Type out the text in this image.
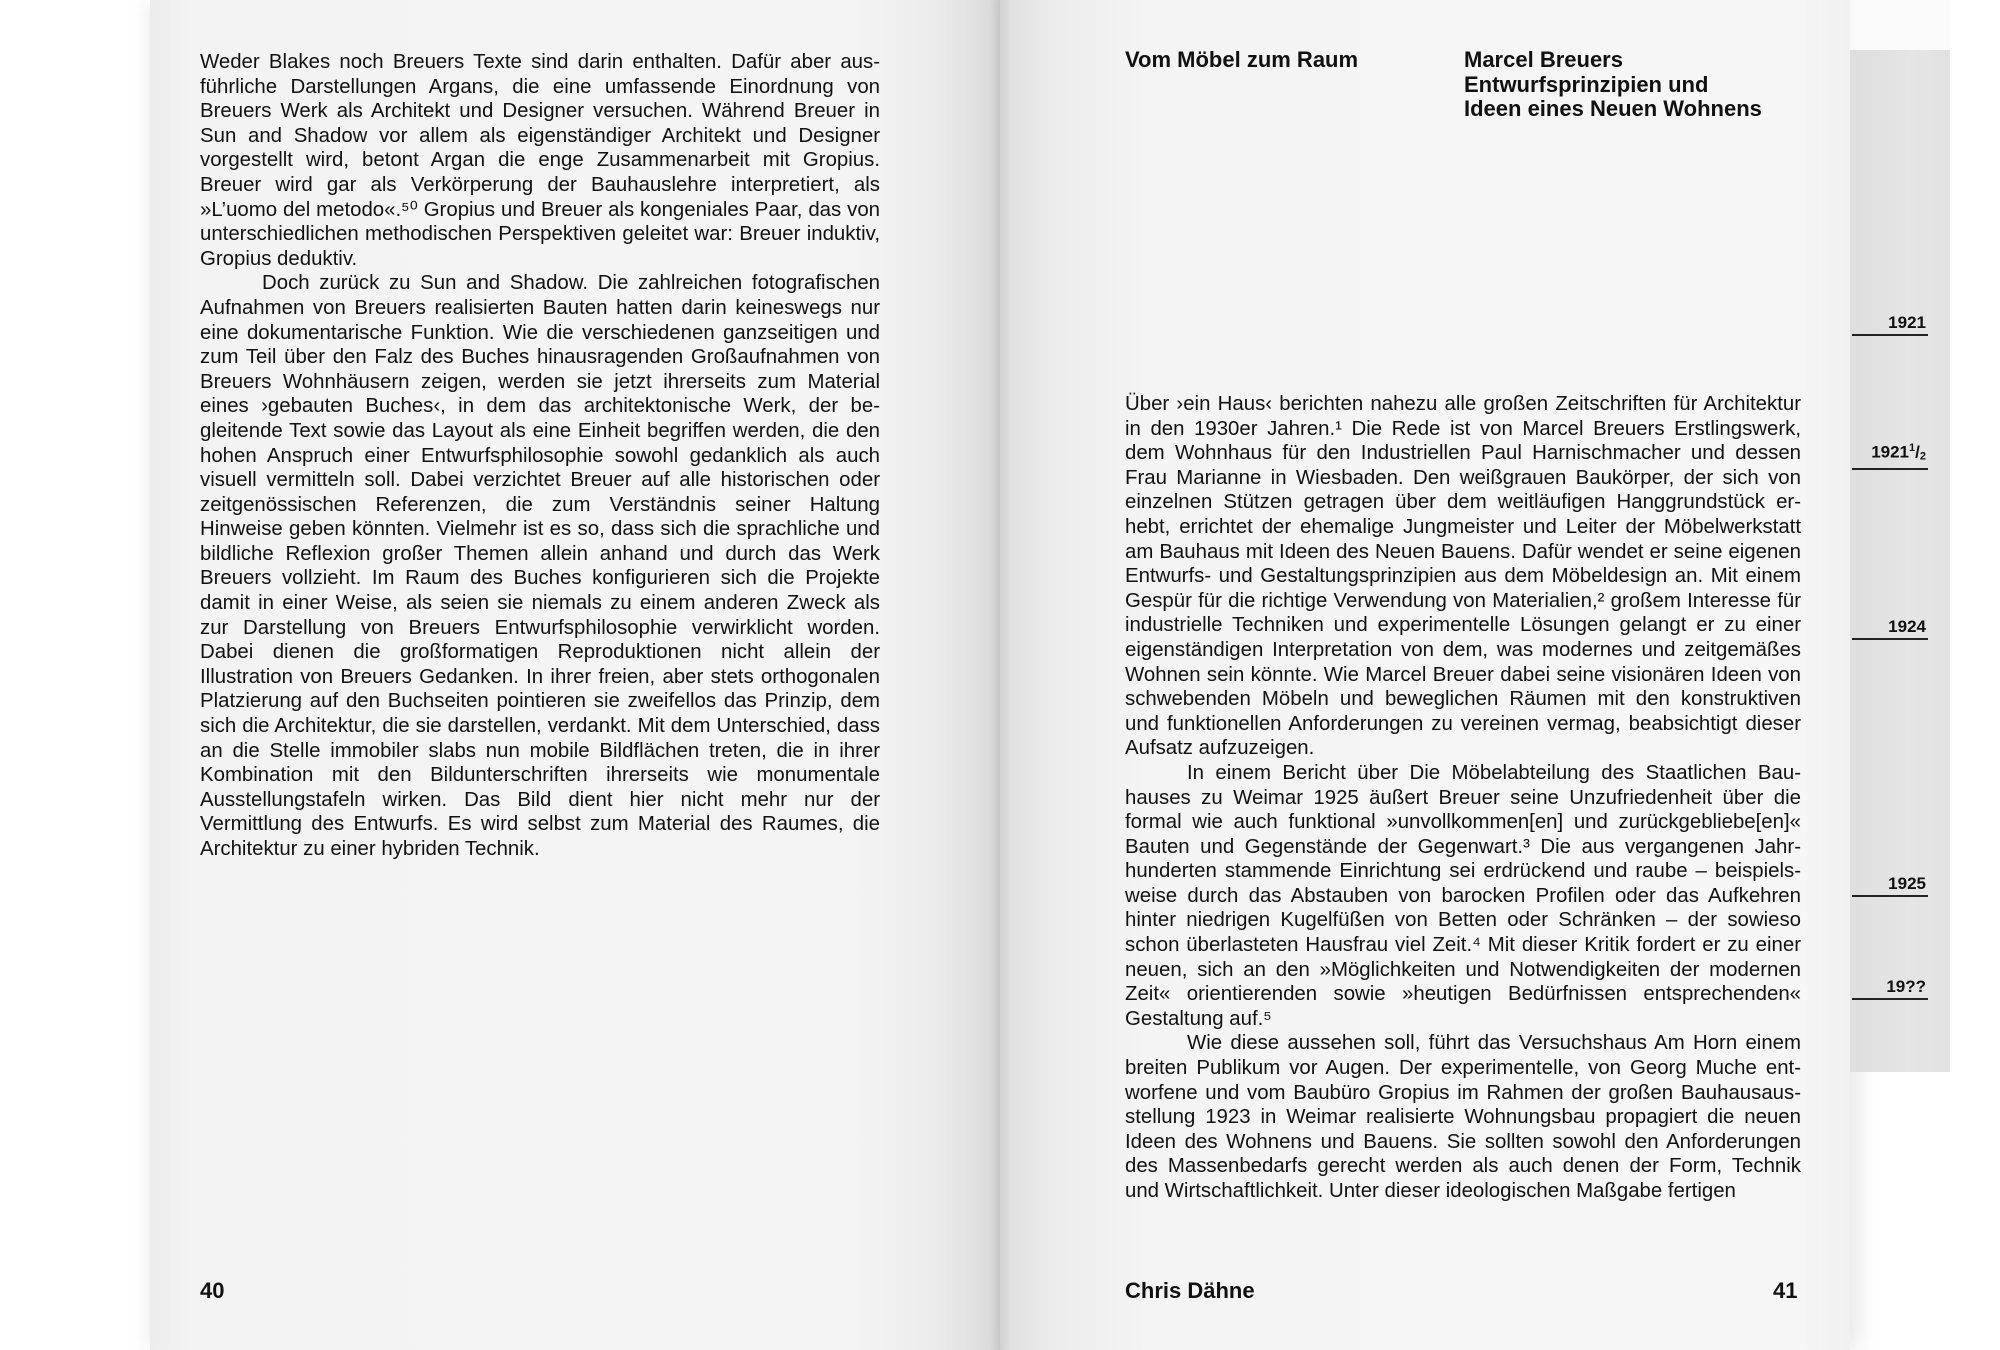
Weder Blakes noch Breuers Texte sind darin enthalten. Dafür aber ausführliche Darstellungen Argans, die eine umfassende Einordnung von Breuers Werk als Architekt und Designer versuchen. Während Breuer in Sun and Shadow vor allem als eigenständiger Architekt und Designer vorgestellt wird, betont Argan die enge Zusammenarbeit mit Gropius. Breuer wird gar als Verkörperung der Bauhauslehre interpretiert, als »L’uomo del metodo«.⁵⁰ Gropius und Breuer als kongeniales Paar, das von unterschiedlichen methodischen Perspektiven geleitet war: Breuer induktiv, Gropius deduktiv.

Doch zurück zu Sun and Shadow. Die zahlreichen fotografischen Aufnahmen von Breuers realisierten Bauten hatten darin keineswegs nur eine dokumentarische Funktion. Wie die verschiedenen ganzseitigen und zum Teil über den Falz des Buches hinausragenden Großaufnahmen von Breuers Wohnhäusern zeigen, werden sie jetzt ihrerseits zum Material eines ›gebauten Buches‹, in dem das architektonische Werk, der begleitende Text sowie das Layout als eine Einheit begriffen werden, die den hohen Anspruch einer Entwurfsphilosophie sowohl gedanklich als auch visuell vermitteln soll. Dabei verzichtet Breuer auf alle historischen oder zeitgenössischen Referenzen, die zum Verständnis seiner Haltung Hinweise geben könnten. Vielmehr ist es so, dass sich die sprachliche und bildliche Reflexion großer Themen allein anhand und durch das Werk Breuers vollzieht. Im Raum des Buches konfigurieren sich die Projekte damit in einer Weise, als seien sie niemals zu einem anderen Zweck als zur Darstellung von Breuers Entwurfsphilosophie verwirklicht worden. Dabei dienen die großformatigen Reproduktionen nicht allein der Illustration von Breuers Gedanken. In ihrer freien, aber stets orthogonalen Platzierung auf den Buchseiten pointieren sie zweifellos das Prinzip, dem sich die Architektur, die sie darstellen, verdankt. Mit dem Unterschied, dass an die Stelle immobiler slabs nun mobile Bildflächen treten, die in ihrer Kombination mit den Bildunterschriften ihrerseits wie monumentale Ausstellungstafeln wirken. Das Bild dient hier nicht mehr nur der Vermittlung des Entwurfs. Es wird selbst zum Material des Raumes, die Architektur zu einer hybriden Technik.

Vom Möbel zum Raum	Marcel Breuers Entwurfsprinzipien und Ideen eines Neuen Wohnens

Über ›ein Haus‹ berichten nahezu alle großen Zeitschriften für Architektur in den 1930er Jahren.¹ Die Rede ist von Marcel Breuers Erstlingswerk, dem Wohnhaus für den Industriellen Paul Harnischmacher und dessen Frau Marianne in Wiesbaden. Den weißgrauen Baukörper, der sich von einzelnen Stützen getragen über dem weitläufigen Hanggrundstück erhebt, errichtet der ehemalige Jungmeister und Leiter der Möbelwerkstatt am Bauhaus mit Ideen des Neuen Bauens. Dafür wendet er seine eigenen Entwurfs- und Gestaltungsprinzipien aus dem Möbeldesign an. Mit einem Gespür für die richtige Verwendung von Materialien,² großem Interesse für industrielle Techniken und experimentelle Lösungen gelangt er zu einer eigenständigen Interpretation von dem, was modernes und zeitgemäßes Wohnen sein könnte. Wie Marcel Breuer dabei seine visionären Ideen von schwebenden Möbeln und beweglichen Räumen mit den konstruktiven und funktionellen Anforderungen zu vereinen vermag, beabsichtigt dieser Aufsatz aufzuzeigen.

In einem Bericht über Die Möbelabteilung des Staatlichen Bauhauses zu Weimar 1925 äußert Breuer seine Unzufriedenheit über die formal wie auch funktional »unvollkommen[en] und zurückgebliebe[en]« Bauten und Gegenstände der Gegenwart.³ Die aus vergangenen Jahrhunderten stammende Einrichtung sei erdrückend und raube – beispielsweise durch das Abstauben von barocken Profilen oder das Aufkehren hinter niedrigen Kugelfüßen von Betten oder Schränken – der sowieso schon überlasteten Hausfrau viel Zeit.⁴ Mit dieser Kritik fordert er zu einer neuen, sich an den »Möglichkeiten und Notwendigkeiten der modernen Zeit« orientierenden sowie »heutigen Bedürfnissen entsprechenden« Gestaltung auf.⁵

Wie diese aussehen soll, führt das Versuchshaus Am Horn einem breiten Publikum vor Augen. Der experimentelle, von Georg Muche entworfene und vom Baubüro Gropius im Rahmen der großen Bauhausausstellung 1923 in Weimar realisierte Wohnungsbau propagiert die neuen Ideen des Wohnens und Bauens. Sie sollten sowohl den Anforderungen des Massenbedarfs gerecht werden als auch denen der Form, Technik und Wirtschaftlichkeit. Unter dieser ideologischen Maßgabe fertigen

40	Chris Dähne	41
1921
$1921^1/_2$
1924
1925
19??
